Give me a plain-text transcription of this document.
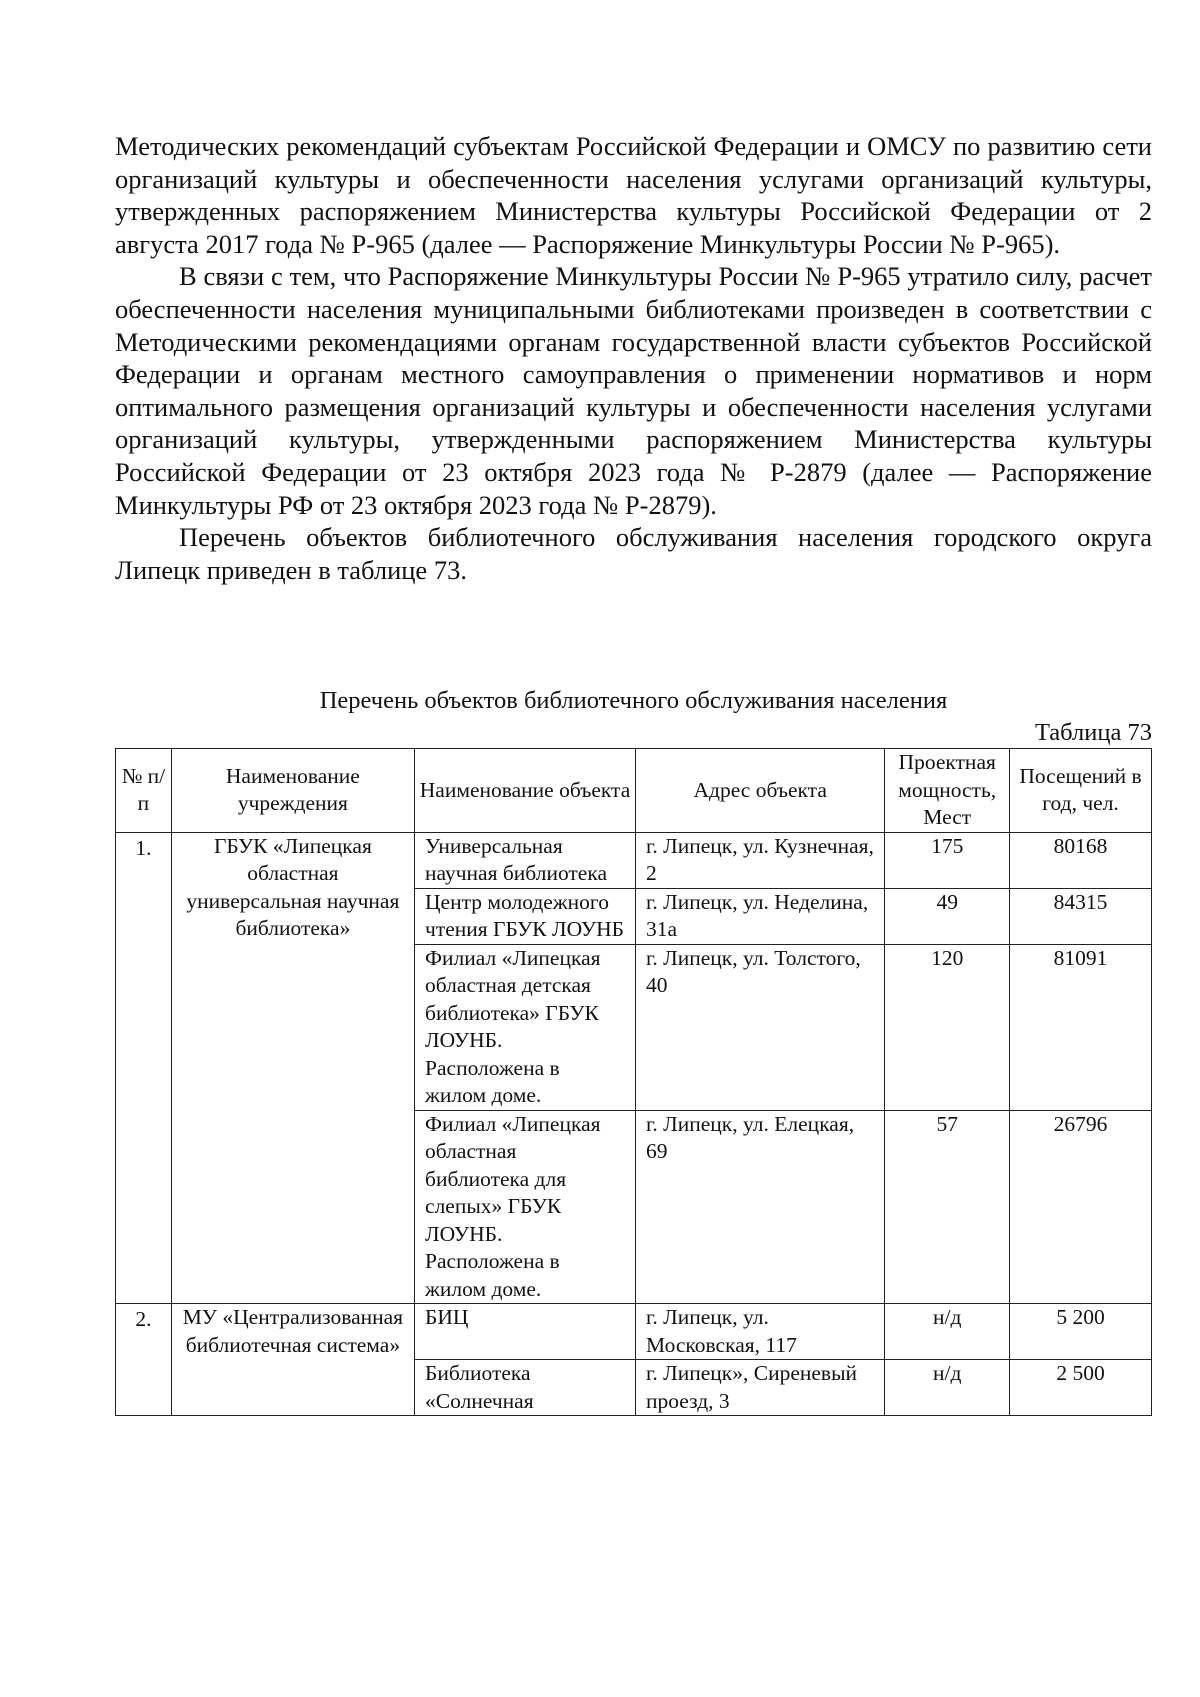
Методических рекомендаций субъектам Российской Федерации и ОМСУ по развитию сети организаций культуры и обеспеченности населения услугами организаций культуры, утвержденных распоряжением Министерства культуры Российской Федерации от 2 августа 2017 года № Р-965 (далее — Распоряжение Минкультуры России № Р-965).

В связи с тем, что Распоряжение Минкультуры России № Р-965 утратило силу, расчет обеспеченности населения муниципальными библиотеками произведен в соответствии с Методическими рекомендациями органам государственной власти субъектов Российской Федерации и органам местного самоуправления о применении нормативов и норм оптимального размещения организаций культуры и обеспеченности населения услугами организаций культуры, утвержденными распоряжением Министерства культуры Российской Федерации от 23 октября 2023 года № Р-2879 (далее — Распоряжение Минкультуры РФ от 23 октября 2023 года № Р-2879).

Перечень объектов библиотечного обслуживания населения городского округа Липецк приведен в таблице 73.

Перечень объектов библиотечного обслуживания населения
Таблица 73
№ п/п	Наименование учреждения	Наименование объекта	Адрес объекта	Проектная мощность, Мест	Посещений в год, чел.
1.	ГБУК «Липецкая областная универсальная научная библиотека»	Универсальная научная библиотека	г. Липецк, ул. Кузнечная, 2	175	80168
		Центр молодежного чтения ГБУК ЛОУНБ	г. Липецк, ул. Неделина, 31а	49	84315
		Филиал «Липецкая областная детская библиотека» ГБУК ЛОУНБ. Расположена в жилом доме.	г. Липецк, ул. Толстого, 40	120	81091
		Филиал «Липецкая областная библиотека для слепых» ГБУК ЛОУНБ. Расположена в жилом доме.	г. Липецк, ул. Елецкая, 69	57	26796
2.	МУ «Централизованная библиотечная система»	БИЦ	г. Липецк, ул. Московская, 117	н/д	5 200
		Библиотека «Солнечная	г. Липецк», Сиреневый проезд, 3	н/д	2 500
